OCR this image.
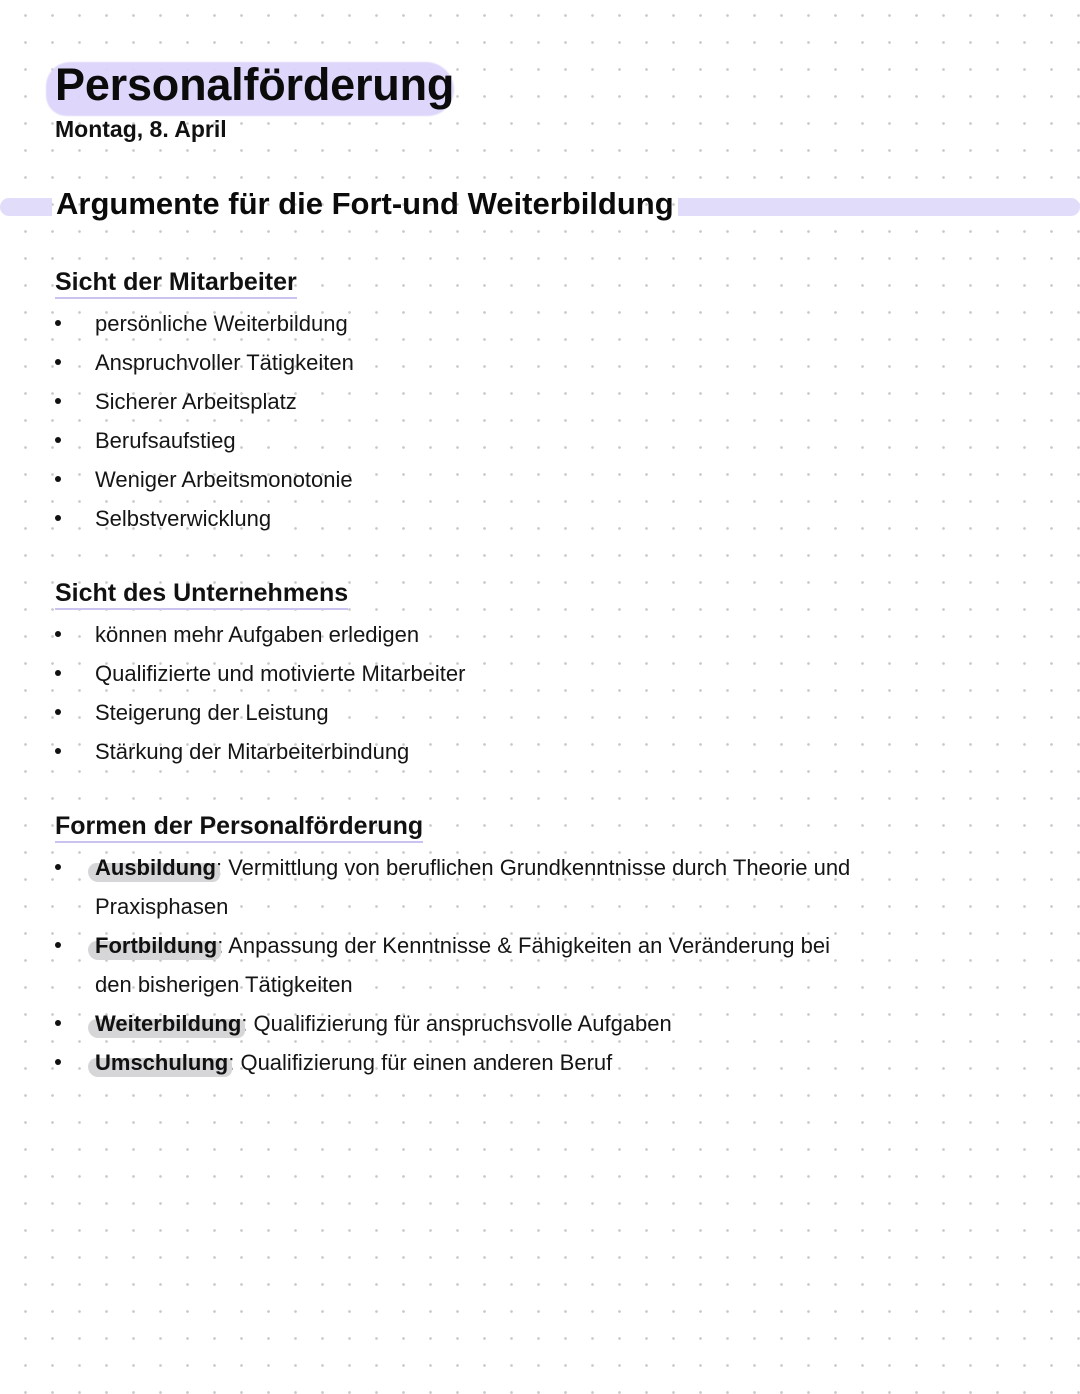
Personalförderung
Montag, 8. April
Argumente für die Fort-und Weiterbildung
Sicht der Mitarbeiter
persönliche Weiterbildung
Anspruchvoller Tätigkeiten
Sicherer Arbeitsplatz
Berufsaufstieg
Weniger Arbeitsmonotonie
Selbstverwicklung
Sicht des Unternehmens
können mehr Aufgaben erledigen
Qualifizierte und motivierte Mitarbeiter
Steigerung der Leistung
Stärkung der Mitarbeiterbindung
Formen der Personalförderung
Ausbildung: Vermittlung von beruflichen Grundkenntnisse durch Theorie und Praxisphasen
Fortbildung: Anpassung der Kenntnisse & Fähigkeiten an Veränderung bei den bisherigen Tätigkeiten
Weiterbildung: Qualifizierung für anspruchsvolle Aufgaben
Umschulung: Qualifizierung für einen anderen Beruf
